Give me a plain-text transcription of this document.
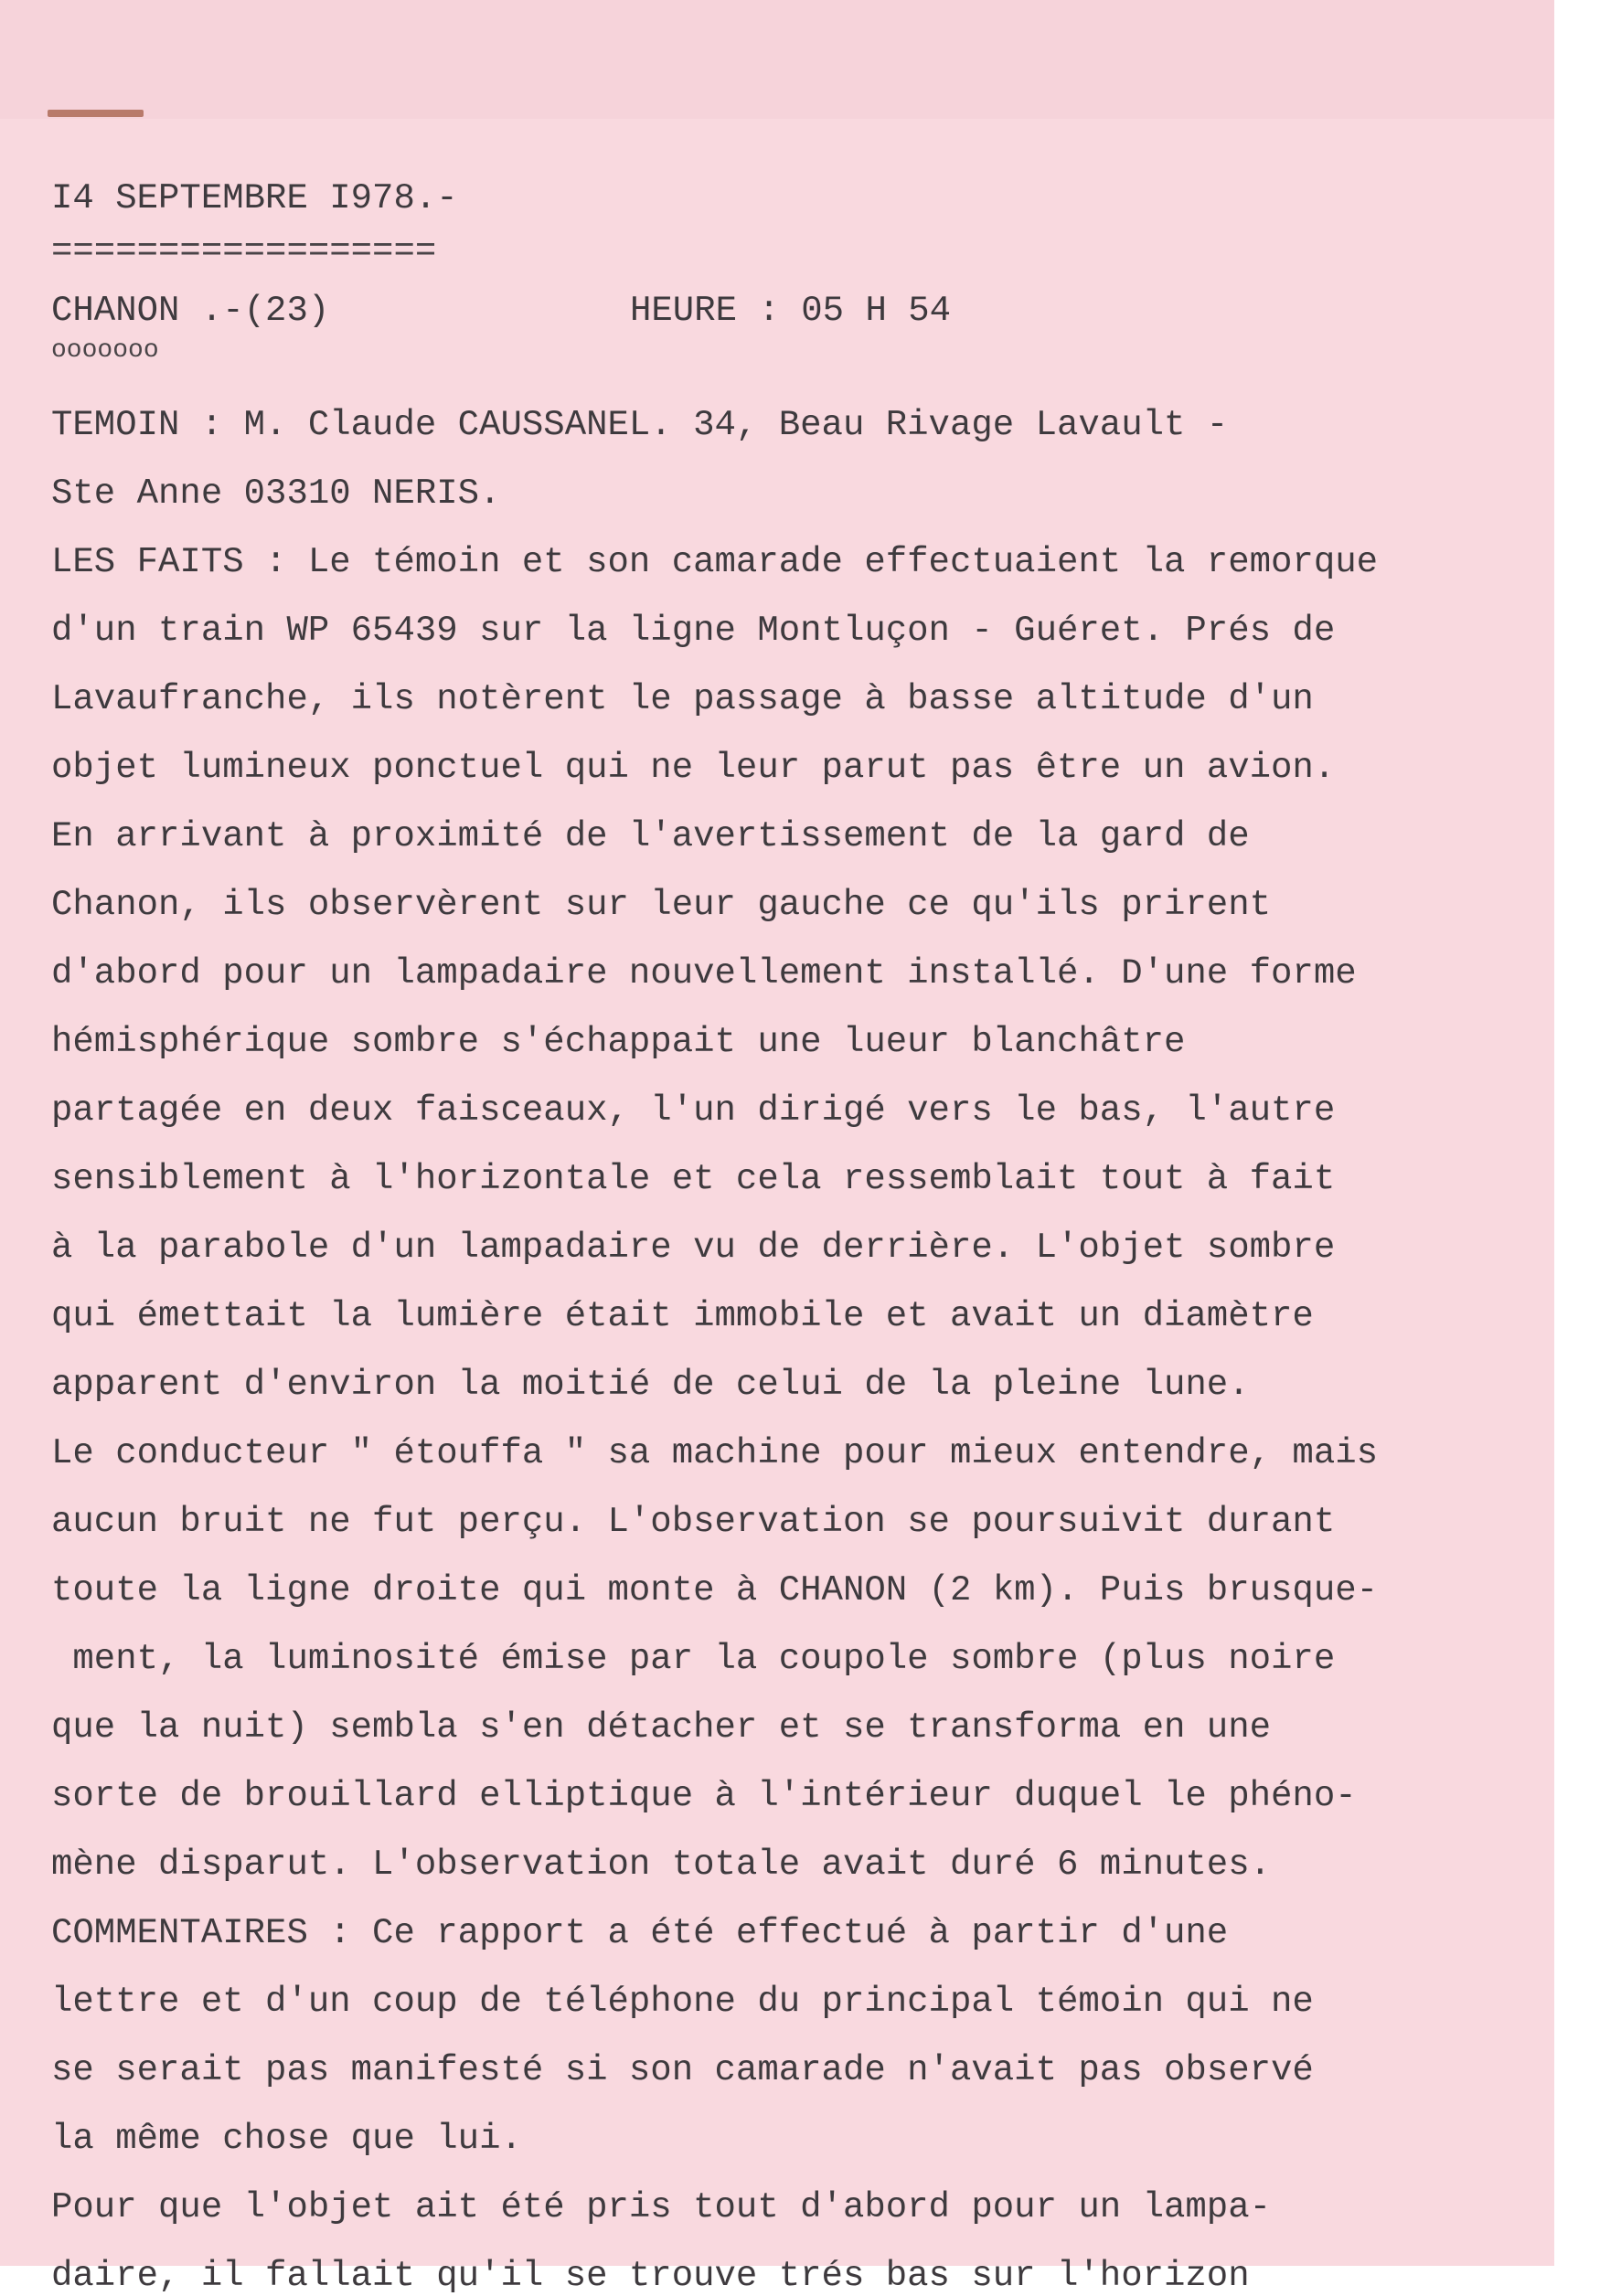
I4 SEPTEMBRE I978.-

==================

CHANON .-(23)

	HEURE : 05 H 54

ooooooo

TEMOIN : M. Claude CAUSSANEL. 34, Beau Rivage Lavault -
Ste Anne 03310 NERIS.
LES FAITS : Le témoin et son camarade effectuaient la remorque
d'un train WP 65439 sur la ligne Montluçon - Guéret. Prés de
Lavaufranche, ils notèrent le passage à basse altitude d'un
objet lumineux ponctuel qui ne leur parut pas être un avion.
En arrivant à proximité de l'avertissement de la gard de
Chanon, ils observèrent sur leur gauche ce qu'ils prirent
d'abord pour un lampadaire nouvellement installé. D'une forme
hémisphérique sombre s'échappait une lueur blanchâtre
partagée en deux faisceaux, l'un dirigé vers le bas, l'autre
sensiblement à l'horizontale et cela ressemblait tout à fait
à la parabole d'un lampadaire vu de derrière. L'objet sombre
qui émettait la lumière était immobile et avait un diamètre
apparent d'environ la moitié de celui de la pleine lune.
Le conducteur " étouffa " sa machine pour mieux entendre, mais
aucun bruit ne fut perçu. L'observation se poursuivit durant
toute la ligne droite qui monte à CHANON (2 km). Puis brusque-
ment, la luminosité émise par la coupole sombre (plus noire
que la nuit) sembla s'en détacher et se transforma en une
sorte de brouillard elliptique à l'intérieur duquel le phéno-
mène disparut. L'observation totale avait duré 6 minutes.
COMMENTAIRES : Ce rapport a été effectué à partir d'une
lettre et d'un coup de téléphone du principal témoin qui ne
se serait pas manifesté si son camarade n'avait pas observé
la même chose que lui.
Pour que l'objet ait été pris tout d'abord pour un lampa-
daire, il fallait qu'il se trouve trés bas sur l'horizon
